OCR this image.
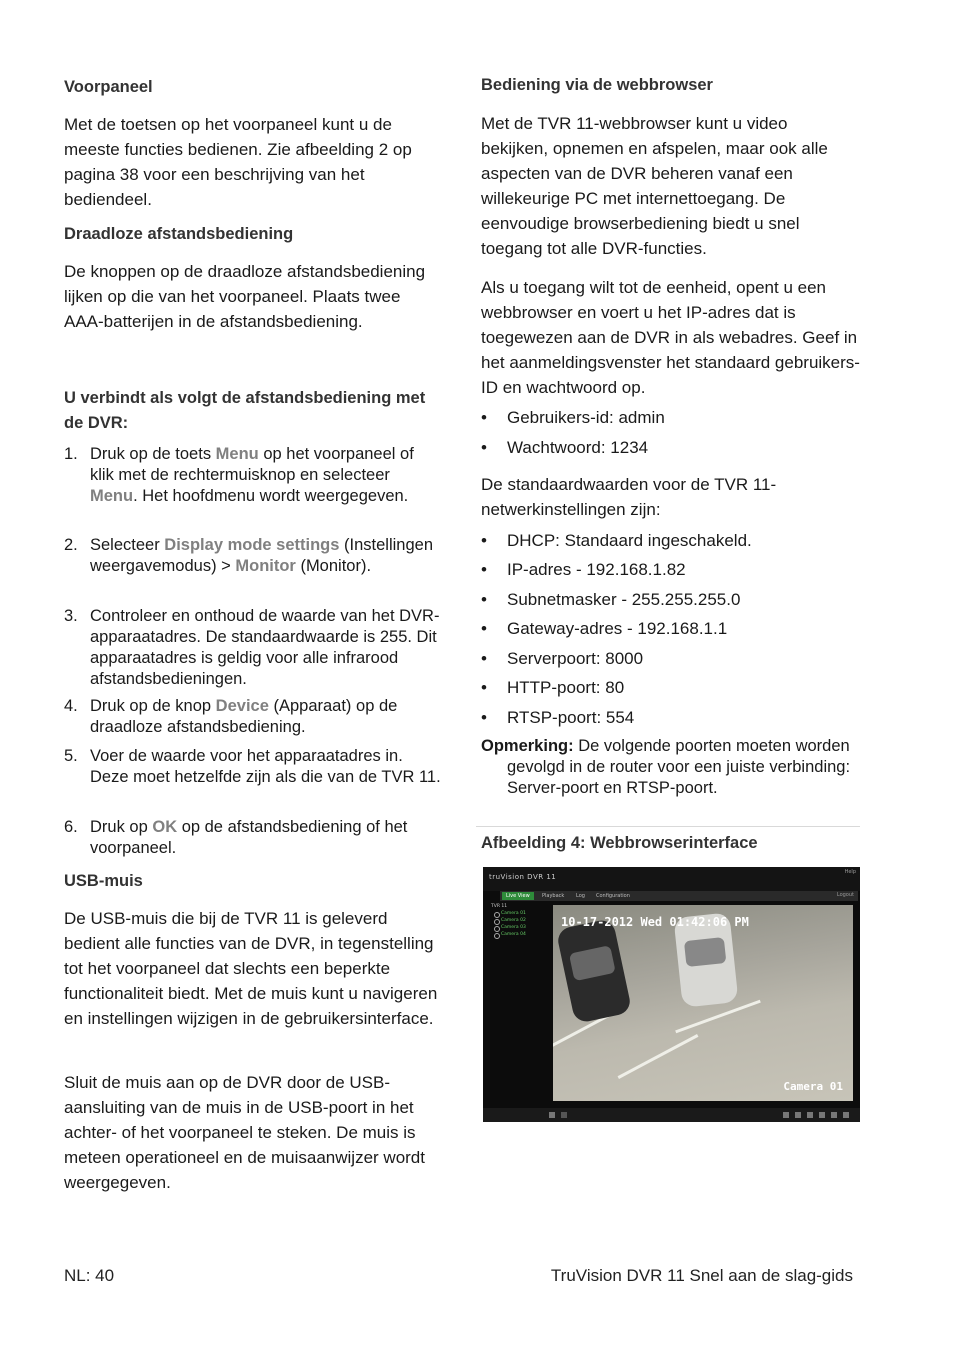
Voorpaneel

Met de toetsen op het voorpaneel kunt u de meeste functies bedienen. Zie afbeelding 2 op pagina 38 voor een beschrijving van het bediendeel.

Draadloze afstandsbediening

De knoppen op de draadloze afstandsbediening lijken op die van het voorpaneel. Plaats twee AAA-batterijen in de afstandsbediening.

U verbindt als volgt de afstandsbediening met de DVR:
1. Druk op de toets Menu op het voorpaneel of klik met de rechtermuisknop en selecteer Menu. Het hoofdmenu wordt weergegeven.
2. Selecteer Display mode settings (Instellingen weergavemodus) > Monitor (Monitor).
3. Controleer en onthoud de waarde van het DVR-apparaatadres. De standaardwaarde is 255. Dit apparaatadres is geldig voor alle infrarood afstandsbedieningen.
4. Druk op de knop Device (Apparaat) op de draadloze afstandsbediening.
5. Voer de waarde voor het apparaatadres in. Deze moet hetzelfde zijn als die van de TVR 11.
6. Druk op OK op de afstandsbediening of het voorpaneel.
USB-muis

De USB-muis die bij de TVR 11 is geleverd bedient alle functies van de DVR, in tegenstelling tot het voorpaneel dat slechts een beperkte functionaliteit biedt. Met de muis kunt u navigeren en instellingen wijzigen in de gebruikersinterface.

Sluit de muis aan op de DVR door de USB-aansluiting van de muis in de USB-poort in het achter- of het voorpaneel te steken. De muis is meteen operationeel en de muisaanwijzer wordt weergegeven.

Bediening via de webbrowser

Met de TVR 11-webbrowser kunt u video bekijken, opnemen en afspelen, maar ook alle aspecten van de DVR beheren vanaf een willekeurige PC met internettoegang. De eenvoudige browserbediening biedt u snel toegang tot alle DVR-functies.

Als u toegang wilt tot de eenheid, opent u een webbrowser en voert u het IP-adres dat is toegewezen aan de DVR in als webadres. Geef in het aanmeldingsvenster het standaard gebruikers-ID en wachtwoord op.

• Gebruikers-id: admin
• Wachtwoord: 1234

De standaardwaarden voor de TVR 11-netwerkinstellingen zijn:

• DHCP: Standaard ingeschakeld.
• IP-adres - 192.168.1.82
• Subnetmasker - 255.255.255.0
• Gateway-adres - 192.168.1.1
• Serverpoort: 8000
• HTTP-poort: 80
• RTSP-poort: 554
Opmerking: De volgende poorten moeten worden gevolgd in de router voor een juiste verbinding: Server-poort en RTSP-poort.
Afbeelding 4: Webbrowserinterface
truVision DVR 11
Help
Live View	Playback	Log	Configuration	Logout
TVR 11
Camera 01
Camera 02
Camera 03
Camera 04
10-17-2012 Wed 01:42:06 PM
Camera 01
NL: 40	TruVision DVR 11 Snel aan de slag-gids
